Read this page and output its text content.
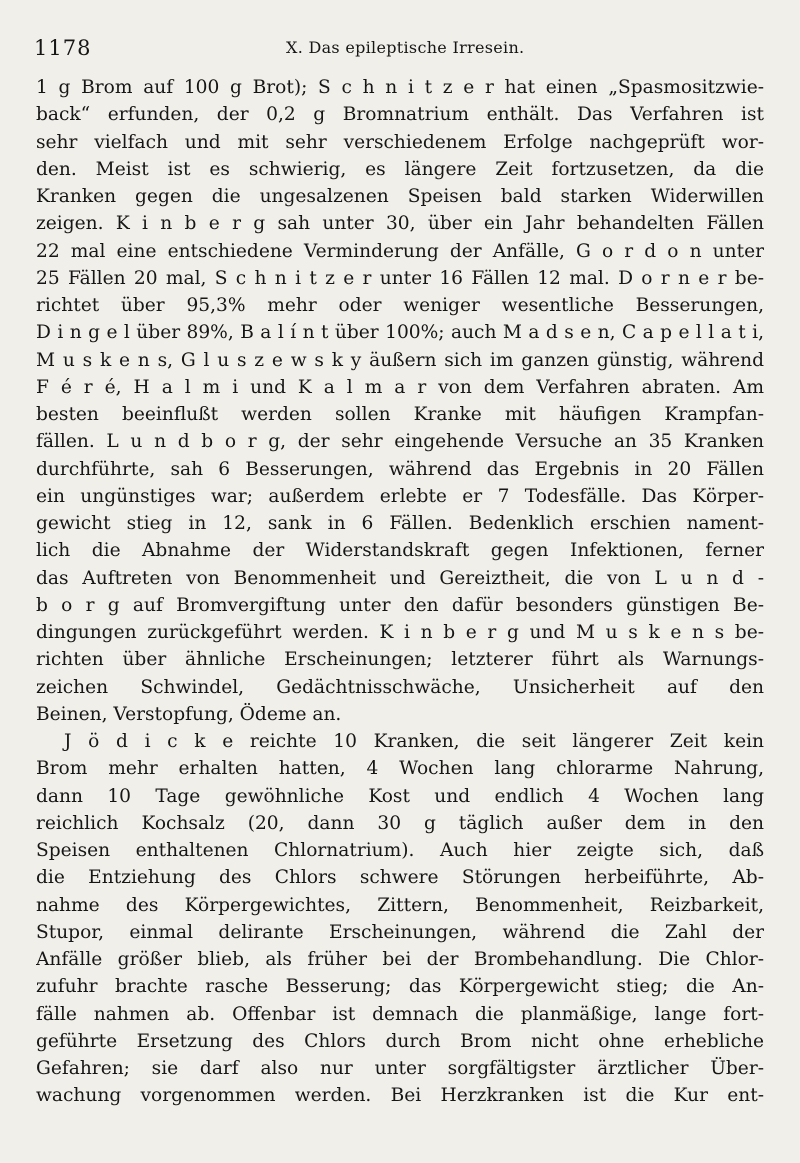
1178	X. Das epileptische Irresein.
1 g Brom auf 100 g Brot); S c h n i t z e r hat einen „Spasmositzwie-
back“ erfunden, der 0,2 g Bromnatrium enthält. Das Verfahren ist
sehr vielfach und mit sehr verschiedenem Erfolge nachgeprüft wor-
den. Meist ist es schwierig, es längere Zeit fortzusetzen, da die
Kranken gegen die ungesalzenen Speisen bald starken Widerwillen
zeigen. K i n b e r g sah unter 30, über ein Jahr behandelten Fällen
22 mal eine entschiedene Verminderung der Anfälle, G o r d o n unter
25 Fällen 20 mal, S c h n i t z e r unter 16 Fällen 12 mal. D o r n e r be-
richtet über 95,3% mehr oder weniger wesentliche Besserungen,
D i n g e l über 89%, B a l í n t über 100%; auch M a d s e n, C a p e l l a t i,
M u s k e n s, G l u s z e w s k y äußern sich im ganzen günstig, während
F é r é, H a l m i und K a l m a r von dem Verfahren abraten. Am
besten beeinflußt werden sollen Kranke mit häufigen Krampfan-
fällen. L u n d b o r g, der sehr eingehende Versuche an 35 Kranken
durchführte, sah 6 Besserungen, während das Ergebnis in 20 Fällen
ein ungünstiges war; außerdem erlebte er 7 Todesfälle. Das Körper-
gewicht stieg in 12, sank in 6 Fällen. Bedenklich erschien nament-
lich die Abnahme der Widerstandskraft gegen Infektionen, ferner
das Auftreten von Benommenheit und Gereiztheit, die von L u n d -
b o r g auf Bromvergiftung unter den dafür besonders günstigen Be-
dingungen zurückgeführt werden. K i n b e r g und M u s k e n s be-
richten über ähnliche Erscheinungen; letzterer führt als Warnungs-
zeichen Schwindel, Gedächtnisschwäche, Unsicherheit auf den
Beinen, Verstopfung, Ödeme an.
J ö d i c k e reichte 10 Kranken, die seit längerer Zeit kein
Brom mehr erhalten hatten, 4 Wochen lang chlorarme Nahrung,
dann 10 Tage gewöhnliche Kost und endlich 4 Wochen lang
reichlich Kochsalz (20, dann 30 g täglich außer dem in den
Speisen enthaltenen Chlornatrium). Auch hier zeigte sich, daß
die Entziehung des Chlors schwere Störungen herbeiführte, Ab-
nahme des Körpergewichtes, Zittern, Benommenheit, Reizbarkeit,
Stupor, einmal delirante Erscheinungen, während die Zahl der
Anfälle größer blieb, als früher bei der Brombehandlung. Die Chlor-
zufuhr brachte rasche Besserung; das Körpergewicht stieg; die An-
fälle nahmen ab. Offenbar ist demnach die planmäßige, lange fort-
geführte Ersetzung des Chlors durch Brom nicht ohne erhebliche
Gefahren; sie darf also nur unter sorgfältigster ärztlicher Über-
wachung vorgenommen werden. Bei Herzkranken ist die Kur ent-
